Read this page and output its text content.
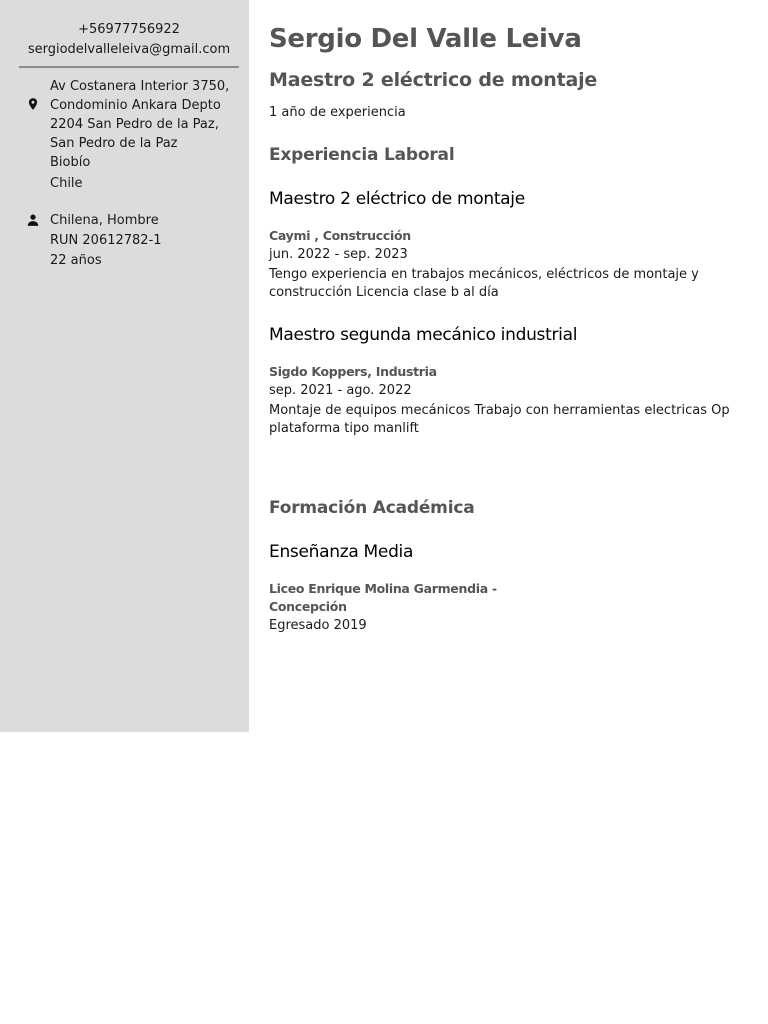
+56977756922
sergiodelvalleleiva@gmail.com
Av Costanera Interior 3750,
Condominio Ankara Depto
2204 San Pedro de la Paz,
San Pedro de la Paz
Biobío
Chile
Chilena, Hombre
RUN 20612782-1
22 años
Sergio Del Valle Leiva
Maestro 2 eléctrico de montaje

1 año de experiencia

Experiencia Laboral
Maestro 2 eléctrico de montaje
Caymi , Construcción
jun. 2022 - sep. 2023
Tengo experiencia en trabajos mecánicos, eléctricos de montaje y construcción Licencia clase b al día
Maestro segunda mecánico industrial
Sigdo Koppers, Industria
sep. 2021 - ago. 2022
Montaje de equipos mecánicos Trabajo con herramientas electricas Op plataforma tipo manlift
Formación Académica
Enseñanza Media
Liceo Enrique Molina Garmendia - Concepción
Egresado 2019
